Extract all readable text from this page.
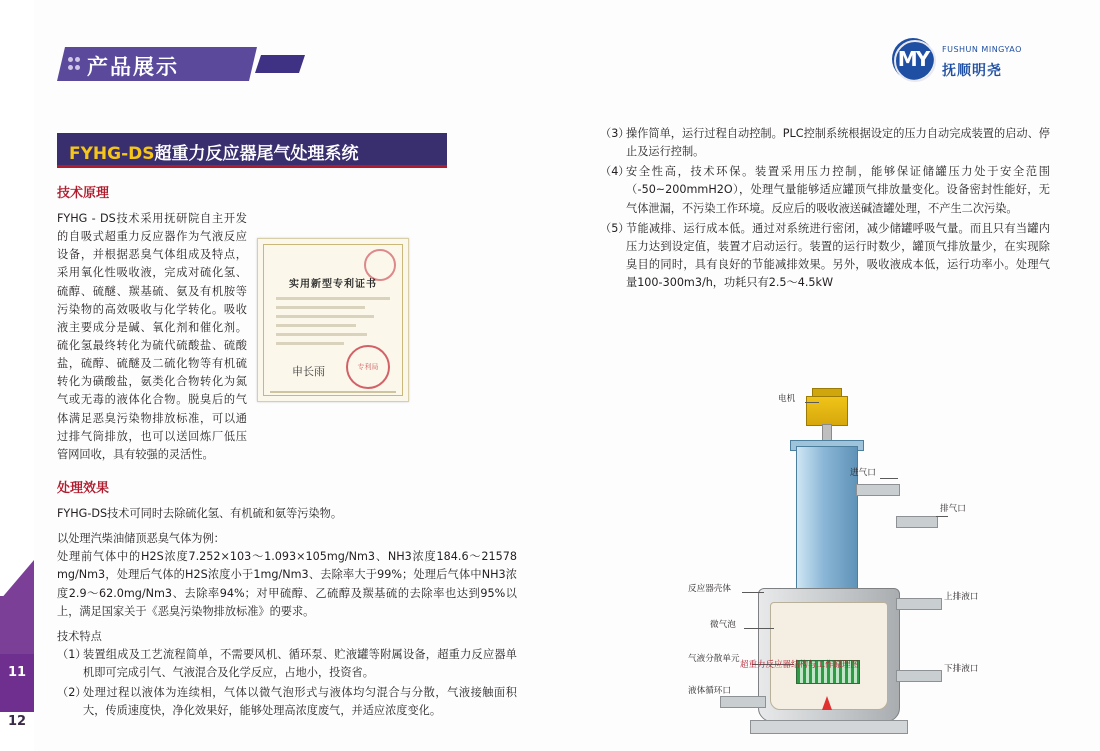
11
12
产品展示	MY	FUSHUN MINGYAO
抚顺明尧
FYHG-DS超重力反应器尾气处理系统
技术原理
实用新型专利证书
申长雨	专利局

FYHG - DS技术采用抚研院自主开发的自吸式超重力反应器作为气液反应设备，并根据恶臭气体组成及特点，采用氧化性吸收液，完成对硫化氢、硫醇、硫醚、羰基硫、氨及有机胺等污染物的高效吸收与化学转化。吸收液主要成分是碱、氧化剂和催化剂。硫化氢最终转化为硫代硫酸盐、硫酸盐，硫醇、硫醚及二硫化物等有机硫转化为磺酸盐，氨类化合物转化为氮气或无毒的液体化合物。脱臭后的气体满足恶臭污染物排放标准，可以通过排气筒排放，也可以送回炼厂低压管网回收，具有较强的灵活性。

处理效果

FYHG-DS技术可同时去除硫化氢、有机硫和氨等污染物。

以处理汽柴油储顶恶臭气体为例：

处理前气体中的H2S浓度7.252×103～1.093×105mg/Nm3、NH3浓度184.6～21578 mg/Nm3，处理后气体的H2S浓度小于1mg/Nm3、去除率大于99%；处理后气体中NH3浓度2.9～62.0mg/Nm3、去除率94%；对甲硫醇、乙硫醇及羰基硫的去除率也达到95%以上，满足国家关于《恶臭污染物排放标准》的要求。

技术特点

（1）
装置组成及工艺流程简单，不需要风机、循环泵、贮液罐等附属设备，超重力反应器单机即可完成引气、气液混合及化学反应，占地小，投资省。
（2）
处理过程以液体为连续相，气体以微气泡形式与液体均匀混合与分散，气液接触面积大，传质速度快，净化效果好，能够处理高浓度废气，并适应浓度变化。
（3）
操作简单，运行过程自动控制。PLC控制系统根据设定的压力自动完成装置的启动、停止及运行控制。
（4）
安全性高，技术环保。装置采用压力控制，能够保证储罐压力处于安全范围（-50~200mmH2O），处理气量能够适应罐顶气排放量变化。设备密封性能好，无气体泄漏，不污染工作环境。反应后的吸收液送碱渣罐处理，不产生二次污染。
（5）
节能减排、运行成本低。通过对系统进行密闭，减少储罐呼吸气量。而且只有当罐内压力达到设定值，装置才启动运行。装置的运行时数少，罐顶气排放量少，在实现除臭目的同时，具有良好的节能减排效果。另外，吸收液成本低，运行功率小。处理气量100-300m3/h，功耗只有2.5～4.5kW
电机
进气口
排气口
反应器壳体
上排液口
微气泡
气液分散单元
下排液口
液体循环口
超重力反应器结构与工作原理图
